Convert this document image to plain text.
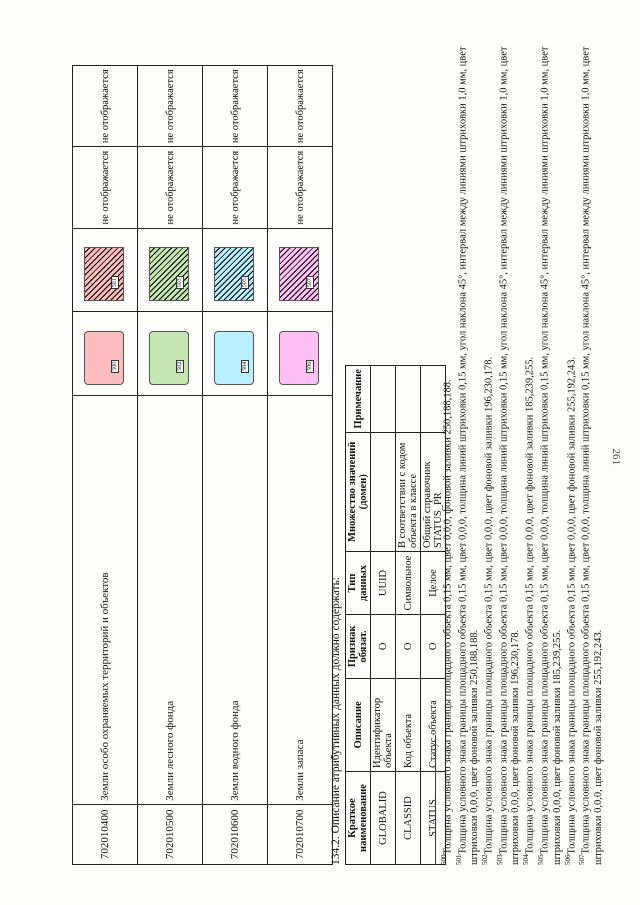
261
702010400	Земли особо охраняемых территорий и объектов	500	501	не отображается	не отображается
702010500	Земли лесного фонда	502	503	не отображается	не отображается
702010600	Земли водного фонда	504	505	не отображается	не отображается
702010700	Земли запаса	506	507	не отображается	не отображается
134.2. Описание атрибутивных данных должно содержать: Краткое наименование	Описание	Признак обязат.	Тип данных	Множество значений (домен)	Примечание
GLOBALID	Идентификатор объекта	О	UUID		
CLASSID	Код объекта	О	Символьное	В соответствии с кодом объекта в классе	
STATUS	Статус объекта	О	Целое	Общий справочник STATUS_PR	

$^{500}$Толщина условного знака границы площадного объекта 0,15 мм, цвет 0,0,0, фоновой заливки 250,188,188.

$^{501}$Толщина условного знака границы площадного объекта 0,15 мм, цвет 0,0,0, толщина линий штриховки 0,15 мм, угол наклона 45°, интервал между линиями штриховки 1,0 мм, цвет штриховки 0,0,0, цвет фоновой заливки 250,188,188. $^{502}$Толщина условного знака границы площадного объекта 0,15 мм, цвет 0,0,0, цвет фоновой заливки 196,230,178.

$^{503}$Толщина условного знака границы площадного объекта 0,15 мм, цвет 0,0,0, толщина линий штриховки 0,15 мм, угол наклона 45°, интервал между линиями штриховки 1,0 мм, цвет штриховки 0,0,0, цвет фоновой заливки 196,230,178. $^{504}$Толщина условного знака границы площадного объекта 0,15 мм, цвет 0,0,0, цвет фоновой заливки 185,239,255.

$^{505}$Толщина условного знака границы площадного объекта 0,15 мм, цвет 0,0,0, толщина линий штриховки 0,15 мм, угол наклона 45°, интервал между линиями штриховки 1,0 мм, цвет штриховки 0,0,0, цвет фоновой заливки 185,239,255. $^{506}$Толщина условного знака границы площадного объекта 0,15 мм, цвет 0,0,0, цвет фоновой заливки 255,192,243.

$^{507}$Толщина условного знака границы площадного объекта 0,15 мм, цвет 0,0,0, толщина линий штриховки 0,15 мм, угол наклона 45°, интервал между линиями штриховки 1,0 мм, цвет штриховки 0,0,0, цвет фоновой заливки 255,192,243.
